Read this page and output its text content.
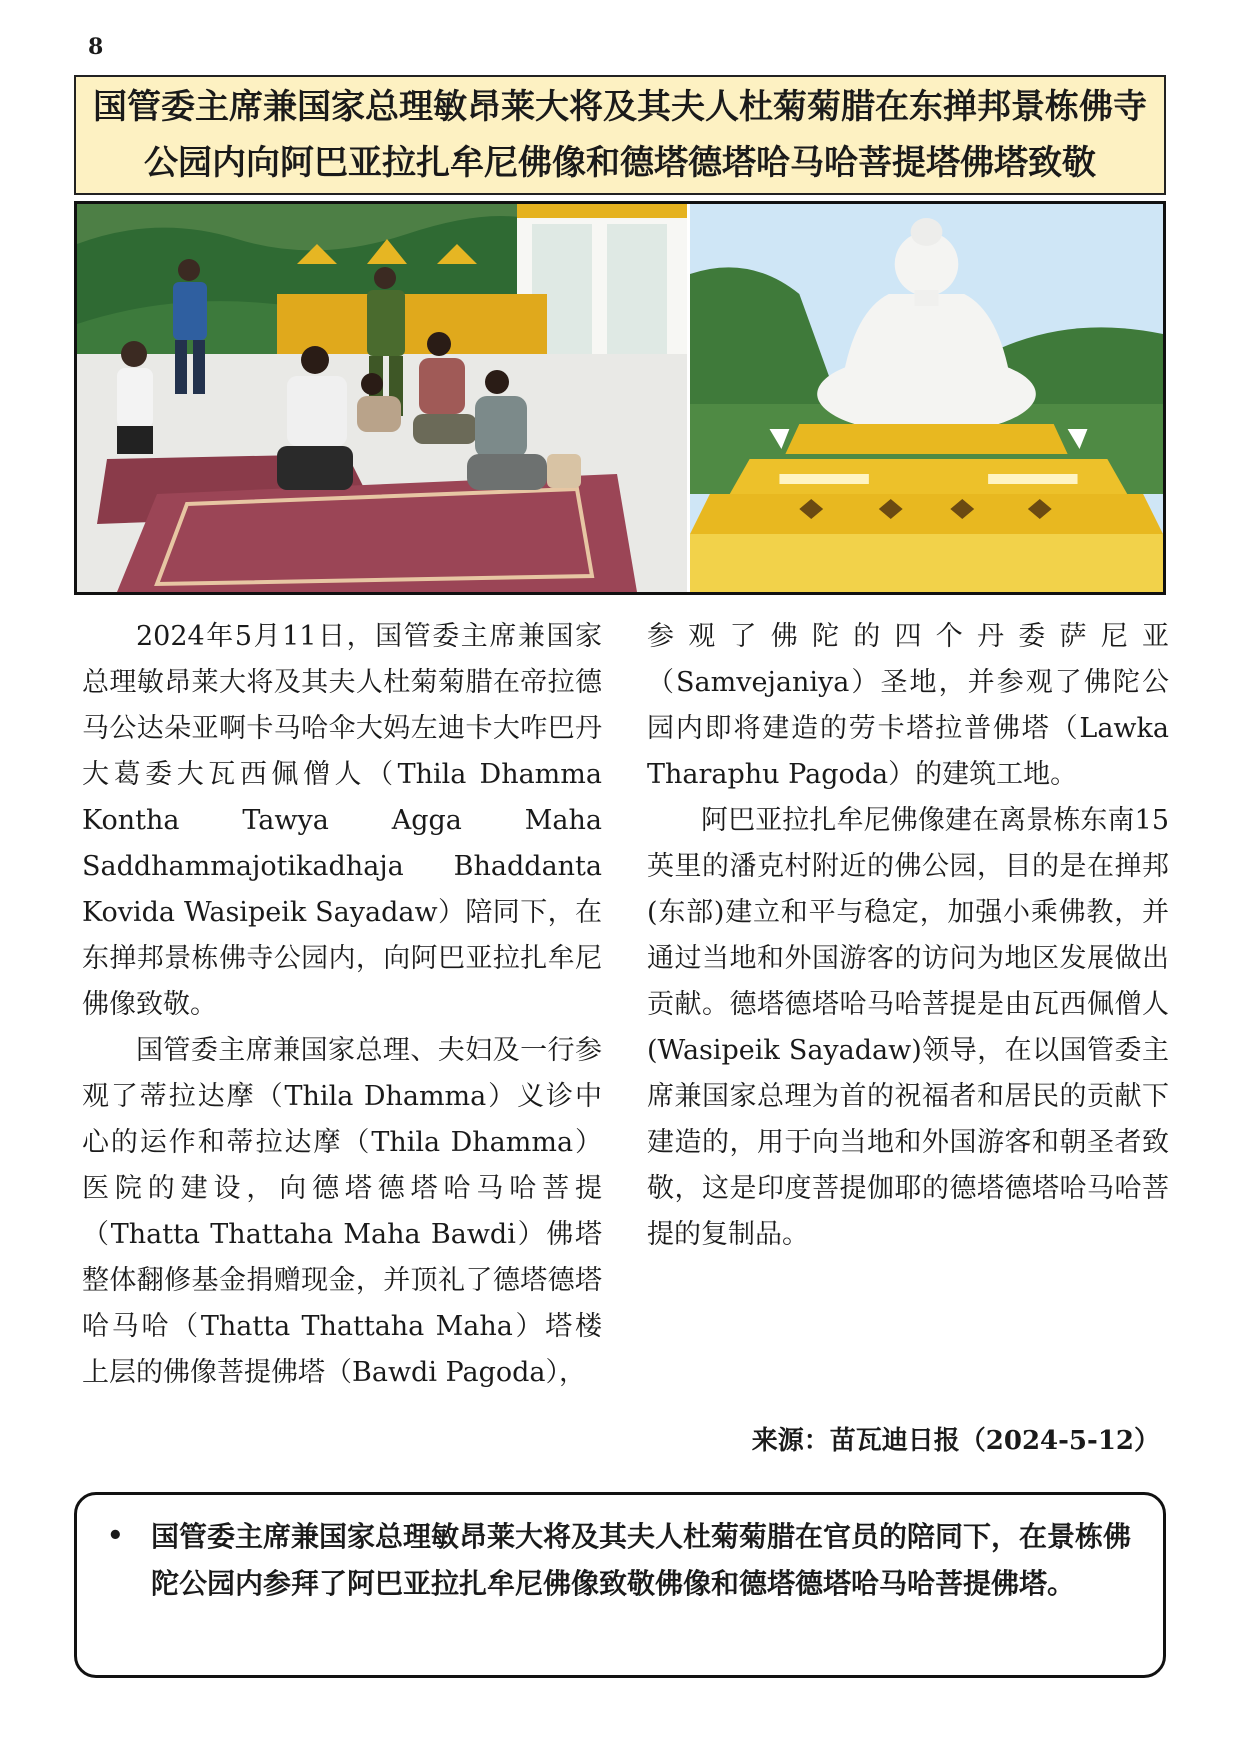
8
国管委主席兼国家总理敏昂莱大将及其夫人杜菊菊腊在东掸邦景栋佛寺公园内向阿巴亚拉扎牟尼佛像和德塔德塔哈马哈菩提塔佛塔致敬

2024年5月11日，国管委主席兼国家总理敏昂莱大将及其夫人杜菊菊腊在帝拉德马公达朵亚啊卡马哈伞大妈左迪卡大咋巴丹大葛委大瓦西佩僧人（Thila Dhamma Kontha Tawya Agga Maha Saddhammajotikadhaja Bhaddanta Kovida Wasipeik Sayadaw）陪同下，在东掸邦景栋佛寺公园内，向阿巴亚拉扎牟尼佛像致敬。

国管委主席兼国家总理、夫妇及一行参观了蒂拉达摩（Thila Dhamma）义诊中心的运作和蒂拉达摩（Thila Dhamma）医院的建设，向德塔德塔哈马哈菩提（Thatta Thattaha Maha Bawdi）佛塔整体翻修基金捐赠现金，并顶礼了德塔德塔哈马哈（Thatta Thattaha Maha）塔楼上层的佛像菩提佛塔（Bawdi Pagoda），

参观了佛陀的四个丹委萨尼亚（Samvejaniya）圣地，并参观了佛陀公园内即将建造的劳卡塔拉普佛塔（Lawka Tharaphu Pagoda）的建筑工地。

阿巴亚拉扎牟尼佛像建在离景栋东南15英里的潘克村附近的佛公园，目的是在掸邦(东部)建立和平与稳定，加强小乘佛教，并通过当地和外国游客的访问为地区发展做出贡献。德塔德塔哈马哈菩提是由瓦西佩僧人(Wasipeik Sayadaw)领导，在以国管委主席兼国家总理为首的祝福者和居民的贡献下建造的，用于向当地和外国游客和朝圣者致敬，这是印度菩提伽耶的德塔德塔哈马哈菩提的复制品。

来源：苗瓦迪日报（2024-5-12）
• 国管委主席兼国家总理敏昂莱大将及其夫人杜菊菊腊在官员的陪同下，在景栋佛陀公园内参拜了阿巴亚拉扎牟尼佛像致敬佛像和德塔德塔哈马哈菩提佛塔。
